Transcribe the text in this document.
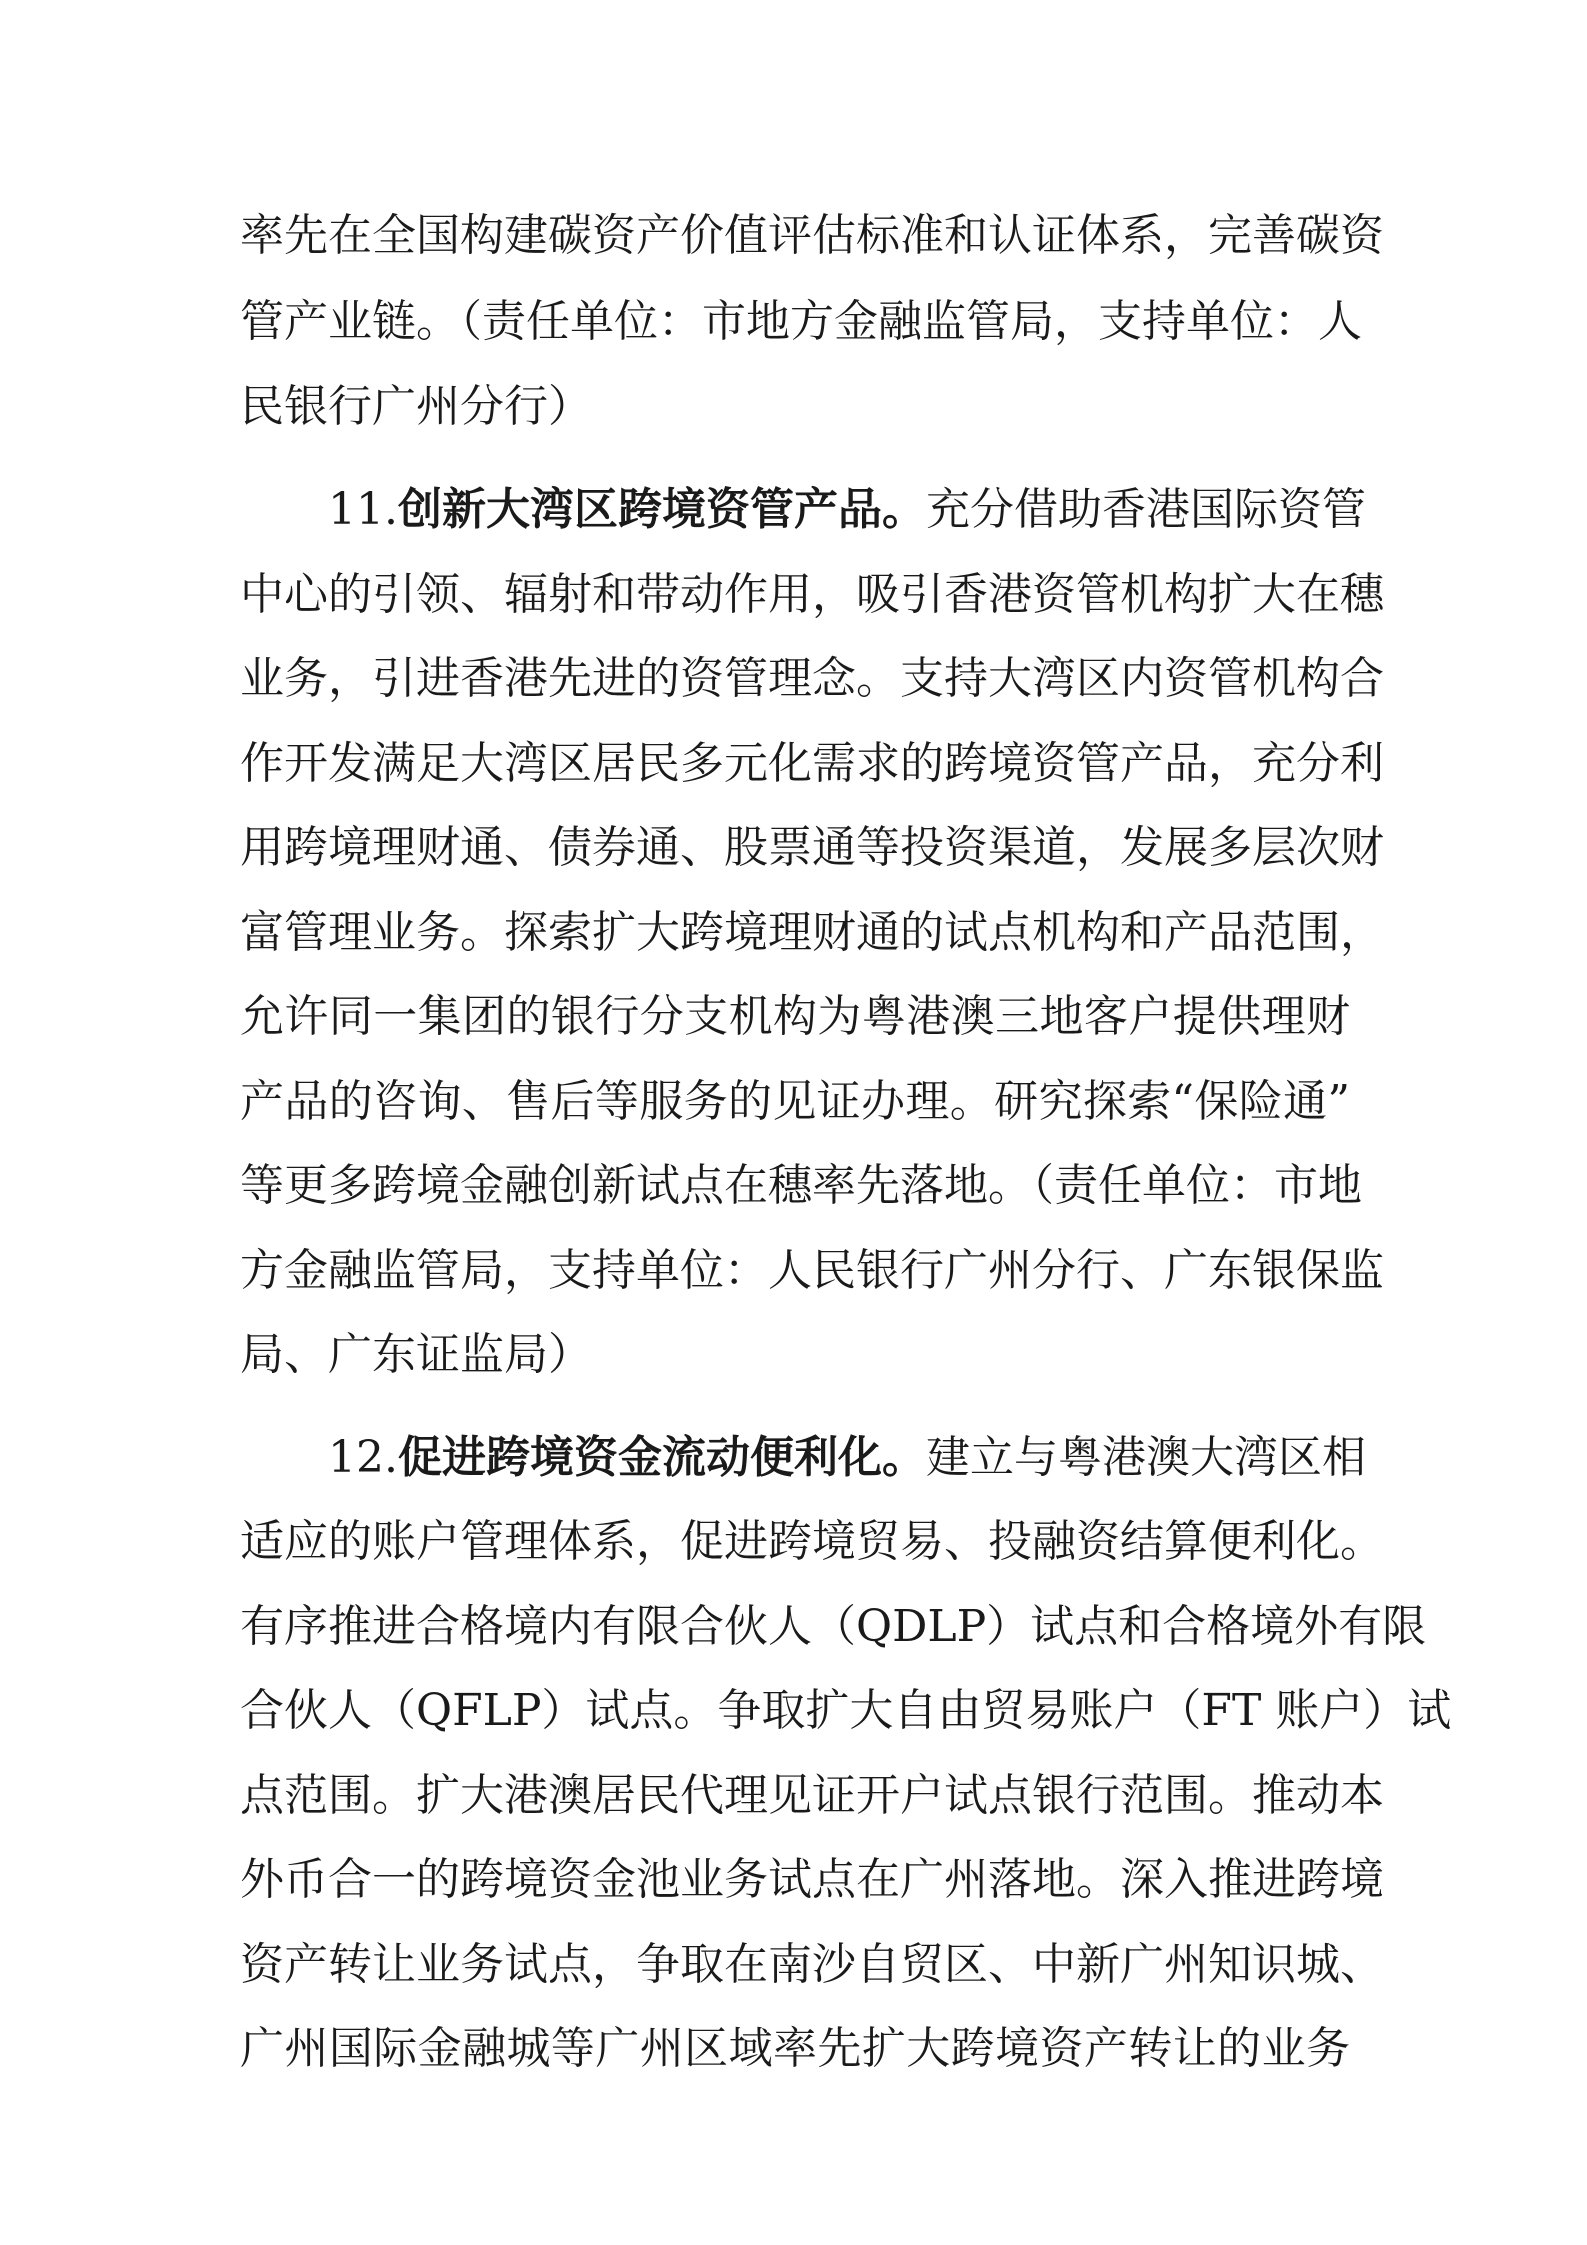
率先在全国构建碳资产价值评估标准和认证体系，完善碳资
管产业链。（责任单位：市地方金融监管局，支持单位：人
民银行广州分行）
11.创新大湾区跨境资管产品。充分借助香港国际资管
中心的引领、辐射和带动作用，吸引香港资管机构扩大在穗
业务，引进香港先进的资管理念。支持大湾区内资管机构合
作开发满足大湾区居民多元化需求的跨境资管产品，充分利
用跨境理财通、债券通、股票通等投资渠道，发展多层次财
富管理业务。探索扩大跨境理财通的试点机构和产品范围，
允许同一集团的银行分支机构为粤港澳三地客户提供理财
产品的咨询、售后等服务的见证办理。研究探索“保险通”
等更多跨境金融创新试点在穗率先落地。（责任单位：市地
方金融监管局，支持单位：人民银行广州分行、广东银保监
局、广东证监局）
12.促进跨境资金流动便利化。建立与粤港澳大湾区相
适应的账户管理体系，促进跨境贸易、投融资结算便利化。
有序推进合格境内有限合伙人（QDLP）试点和合格境外有限
合伙人（QFLP）试点。争取扩大自由贸易账户（FT 账户）试
点范围。扩大港澳居民代理见证开户试点银行范围。推动本
外币合一的跨境资金池业务试点在广州落地。深入推进跨境
资产转让业务试点，争取在南沙自贸区、中新广州知识城、
广州国际金融城等广州区域率先扩大跨境资产转让的业务
